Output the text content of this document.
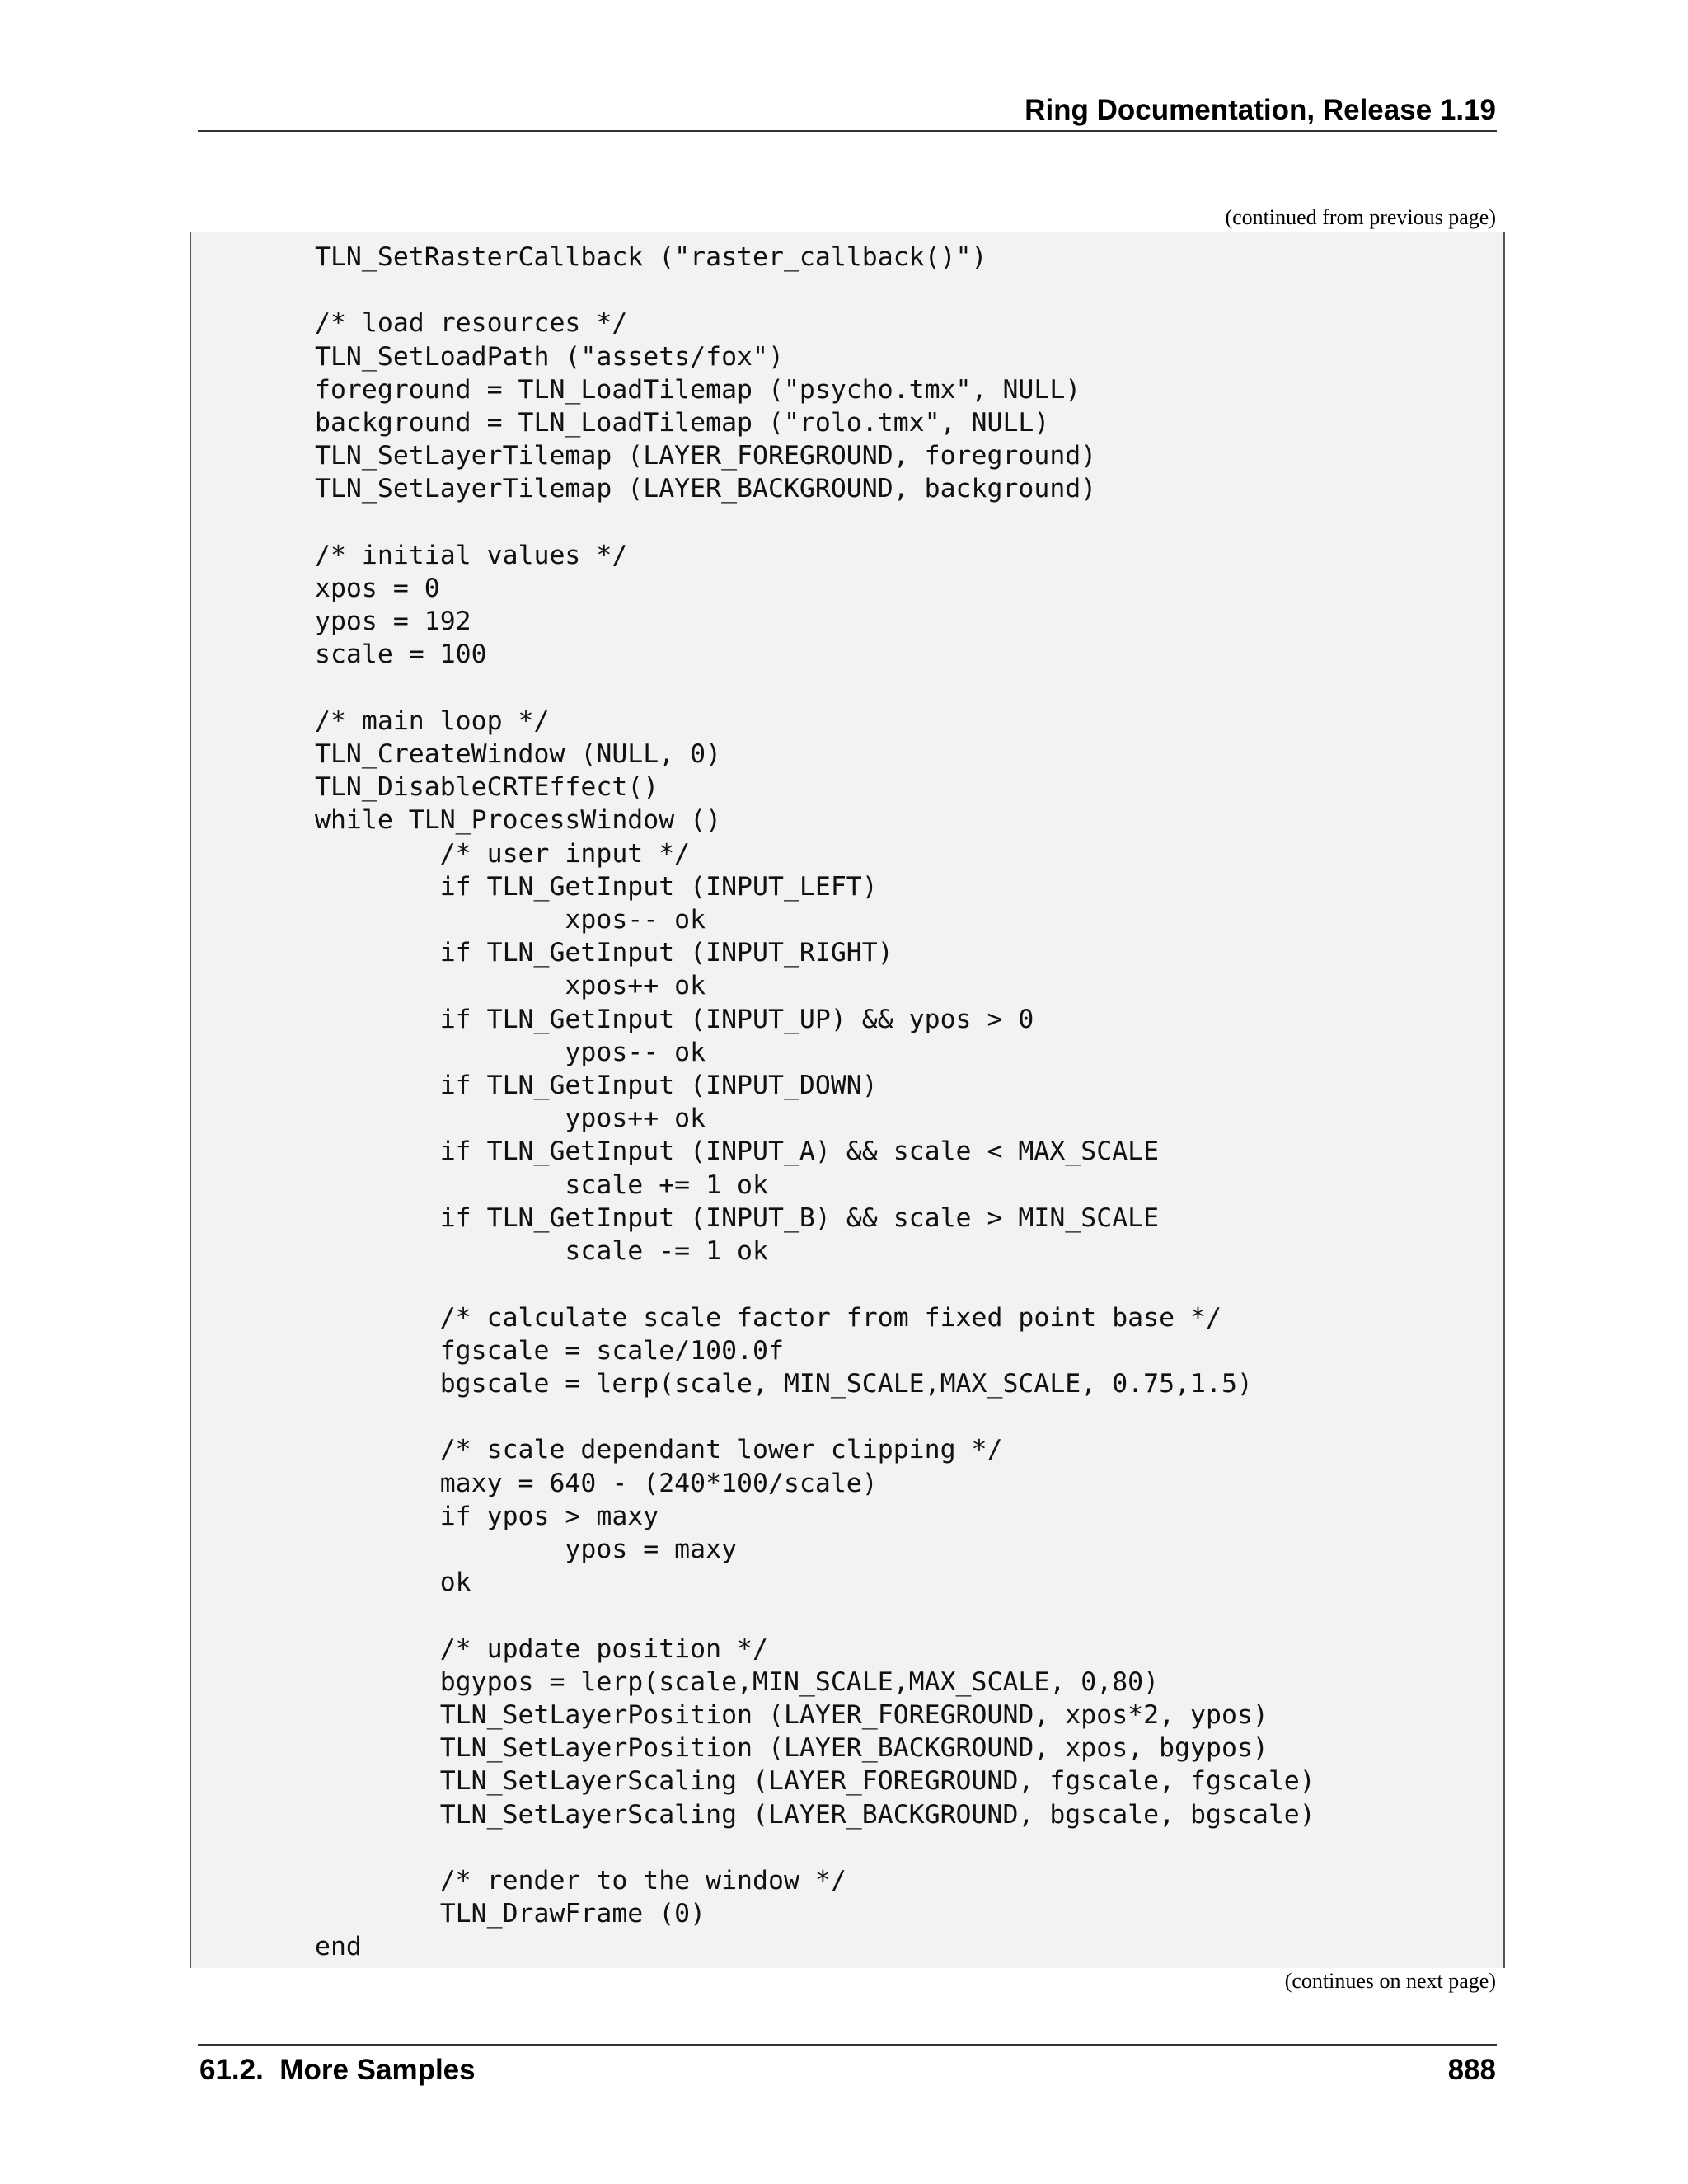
Ring Documentation, Release 1.19
(continued from previous page)
TLN_SetRasterCallback ("raster_callback()")

/* load resources */
TLN_SetLoadPath ("assets/fox")
foreground = TLN_LoadTilemap ("psycho.tmx", NULL)
background = TLN_LoadTilemap ("rolo.tmx", NULL)
TLN_SetLayerTilemap (LAYER_FOREGROUND, foreground)
TLN_SetLayerTilemap (LAYER_BACKGROUND, background)

/* initial values */
xpos = 0
ypos = 192
scale = 100

/* main loop */
TLN_CreateWindow (NULL, 0)
TLN_DisableCRTEffect()
while TLN_ProcessWindow ()
/* user input */
if TLN_GetInput (INPUT_LEFT)
xpos-- ok
if TLN_GetInput (INPUT_RIGHT)
xpos++ ok
if TLN_GetInput (INPUT_UP) && ypos > 0
ypos-- ok
if TLN_GetInput (INPUT_DOWN)
ypos++ ok
if TLN_GetInput (INPUT_A) && scale < MAX_SCALE
scale += 1 ok
if TLN_GetInput (INPUT_B) && scale > MIN_SCALE
scale -= 1 ok

/* calculate scale factor from fixed point base */
fgscale = scale/100.0f
bgscale = lerp(scale, MIN_SCALE,MAX_SCALE, 0.75,1.5)

/* scale dependant lower clipping */
maxy = 640 - (240*100/scale)
if ypos > maxy
ypos = maxy
ok

/* update position */
bgypos = lerp(scale,MIN_SCALE,MAX_SCALE, 0,80)
TLN_SetLayerPosition (LAYER_FOREGROUND, xpos*2, ypos)
TLN_SetLayerPosition (LAYER_BACKGROUND, xpos, bgypos)
TLN_SetLayerScaling (LAYER_FOREGROUND, fgscale, fgscale)
TLN_SetLayerScaling (LAYER_BACKGROUND, bgscale, bgscale)

/* render to the window */
TLN_DrawFrame (0)
end

(continues on next page)
61.2.  More Samples	888
